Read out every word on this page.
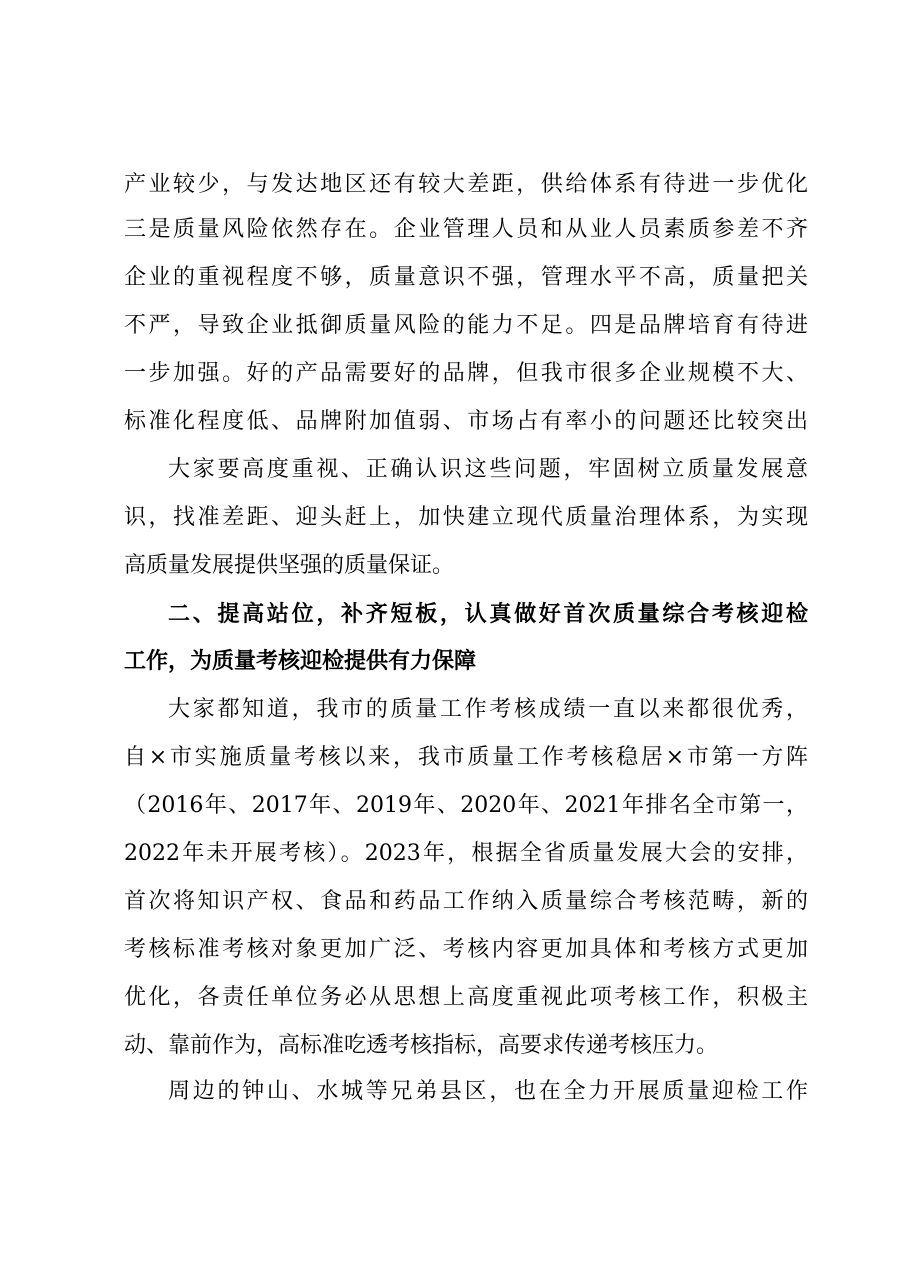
产业较少，与发达地区还有较大差距，供给体系有待进一步优化
三是质量风险依然存在。企业管理人员和从业人员素质参差不齐
企业的重视程度不够，质量意识不强，管理水平不高，质量把关
不严，导致企业抵御质量风险的能力不足。四是品牌培育有待进
一步加强。好的产品需要好的品牌，但我市很多企业规模不大、
标准化程度低、品牌附加值弱、市场占有率小的问题还比较突出
大家要高度重视、正确认识这些问题，牢固树立质量发展意
识，找准差距、迎头赶上，加快建立现代质量治理体系，为实现
高质量发展提供坚强的质量保证。
二、提高站位，补齐短板，认真做好首次质量综合考核迎检
工作，为质量考核迎检提供有力保障
大家都知道，我市的质量工作考核成绩一直以来都很优秀，
自×市实施质量考核以来，我市质量工作考核稳居×市第一方阵
（2016年、2017年、2019年、2020年、2021年排名全市第一，
2022年未开展考核）。2023年，根据全省质量发展大会的安排，
首次将知识产权、食品和药品工作纳入质量综合考核范畴，新的
考核标准考核对象更加广泛、考核内容更加具体和考核方式更加
优化，各责任单位务必从思想上高度重视此项考核工作，积极主
动、靠前作为，高标准吃透考核指标，高要求传递考核压力。
周边的钟山、水城等兄弟县区，也在全力开展质量迎检工作
